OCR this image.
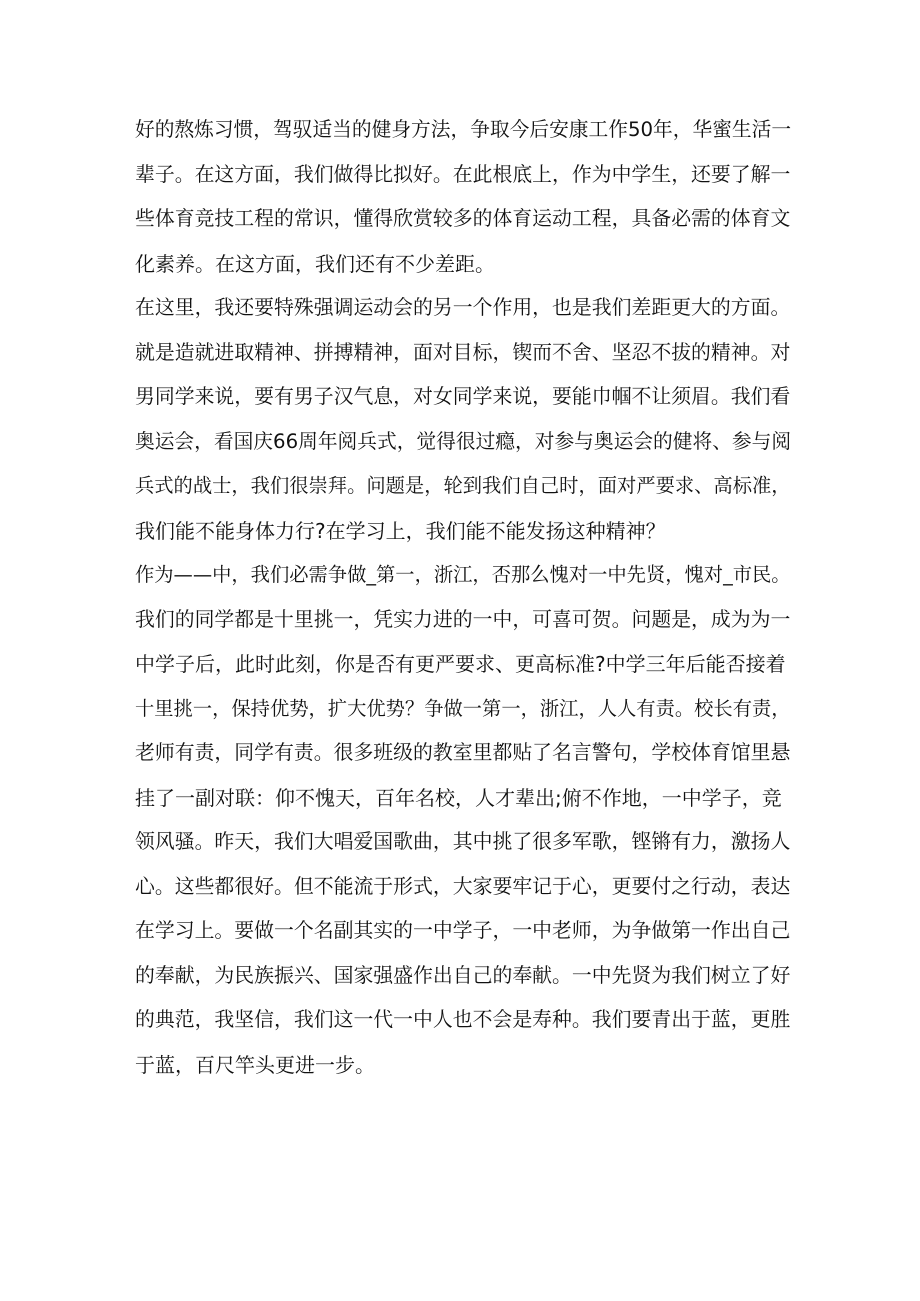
好的熬炼习惯，驾驭适当的健身方法，争取今后安康工作50年，华蜜生活一

辈子。在这方面，我们做得比拟好。在此根底上，作为中学生，还要了解一

些体育竞技工程的常识，懂得欣赏较多的体育运动工程，具备必需的体育文

化素养。在这方面，我们还有不少差距。

在这里，我还要特殊强调运动会的另一个作用，也是我们差距更大的方面。

就是造就进取精神、拼搏精神，面对目标，锲而不舍、坚忍不拔的精神。对

男同学来说，要有男子汉气息，对女同学来说，要能巾帼不让须眉。我们看

奥运会，看国庆66周年阅兵式，觉得很过瘾，对参与奥运会的健将、参与阅

兵式的战士，我们很崇拜。问题是，轮到我们自己时，面对严要求、高标准，

我们能不能身体力行?在学习上，我们能不能发扬这种精神？

作为——中，我们必需争做_第一，浙江，否那么愧对一中先贤，愧对_市民。

我们的同学都是十里挑一，凭实力进的一中，可喜可贺。问题是，成为为一

中学子后，此时此刻，你是否有更严要求、更高标准?中学三年后能否接着

十里挑一，保持优势，扩大优势？争做一第一，浙江，人人有责。校长有责，

老师有责，同学有责。很多班级的教室里都贴了名言警句，学校体育馆里悬

挂了一副对联：仰不愧天，百年名校，人才辈出;俯不作地，一中学子，竞

领风骚。昨天，我们大唱爱国歌曲，其中挑了很多军歌，铿锵有力，激扬人

心。这些都很好。但不能流于形式，大家要牢记于心，更要付之行动，表达

在学习上。要做一个名副其实的一中学子，一中老师，为争做第一作出自己

的奉献，为民族振兴、国家强盛作出自己的奉献。一中先贤为我们树立了好

的典范，我坚信，我们这一代一中人也不会是寿种。我们要青出于蓝，更胜

于蓝，百尺竿头更进一步。
